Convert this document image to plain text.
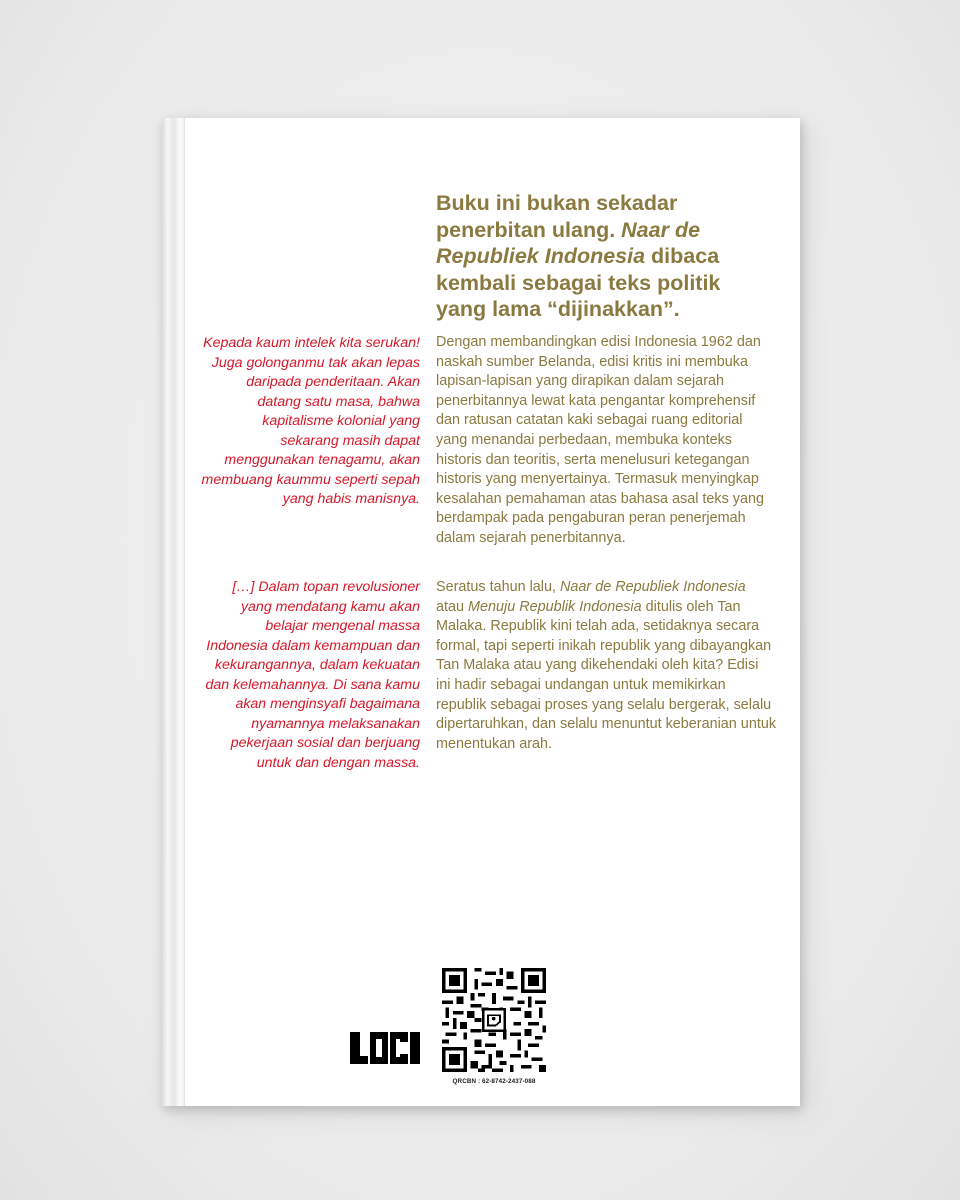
Buku ini bukan sekadar penerbitan ulang. Naar de Republiek Indonesia dibaca kembali sebagai teks politik yang lama “dijinakkan”.

Dengan membandingkan edisi Indonesia 1962 dan naskah sumber Belanda, edisi kritis ini membuka lapisan-lapisan yang dirapikan dalam sejarah penerbitannya lewat kata pengantar komprehensif dan ratusan catatan kaki sebagai ruang editorial yang menandai perbedaan, membuka konteks historis dan teoritis, serta menelusuri ketegangan historis yang menyertainya. Termasuk menyingkap kesalahan pemahaman atas bahasa asal teks yang berdampak pada pengaburan peran penerjemah dalam sejarah penerbitannya.

Seratus tahun lalu, Naar de Republiek Indonesia atau Menuju Republik Indonesia ditulis oleh Tan Malaka. Republik kini telah ada, setidaknya secara formal, tapi seperti inikah republik yang dibayangkan Tan Malaka atau yang dikehendaki oleh kita? Edisi ini hadir sebagai undangan untuk memikirkan republik sebagai proses yang selalu bergerak, selalu dipertaruhkan, dan selalu menuntut keberanian untuk menentukan arah.

Kepada kaum intelek kita serukan! Juga golonganmu tak akan lepas daripada penderitaan. Akan datang satu masa, bahwa kapitalisme kolonial yang sekarang masih dapat menggunakan tenagamu, akan membuang kaummu seperti sepah yang habis manisnya.

[…] Dalam topan revolusioner yang mendatang kamu akan belajar mengenal massa Indonesia dalam kemampuan dan kekurangannya, dalam kekuatan dan kelemahannya. Di sana kamu akan menginsyafi bagaimana nyamannya melaksanakan pekerjaan sosial dan berjuang untuk dan dengan massa.

QRCBN : 62-8742-2437-088
